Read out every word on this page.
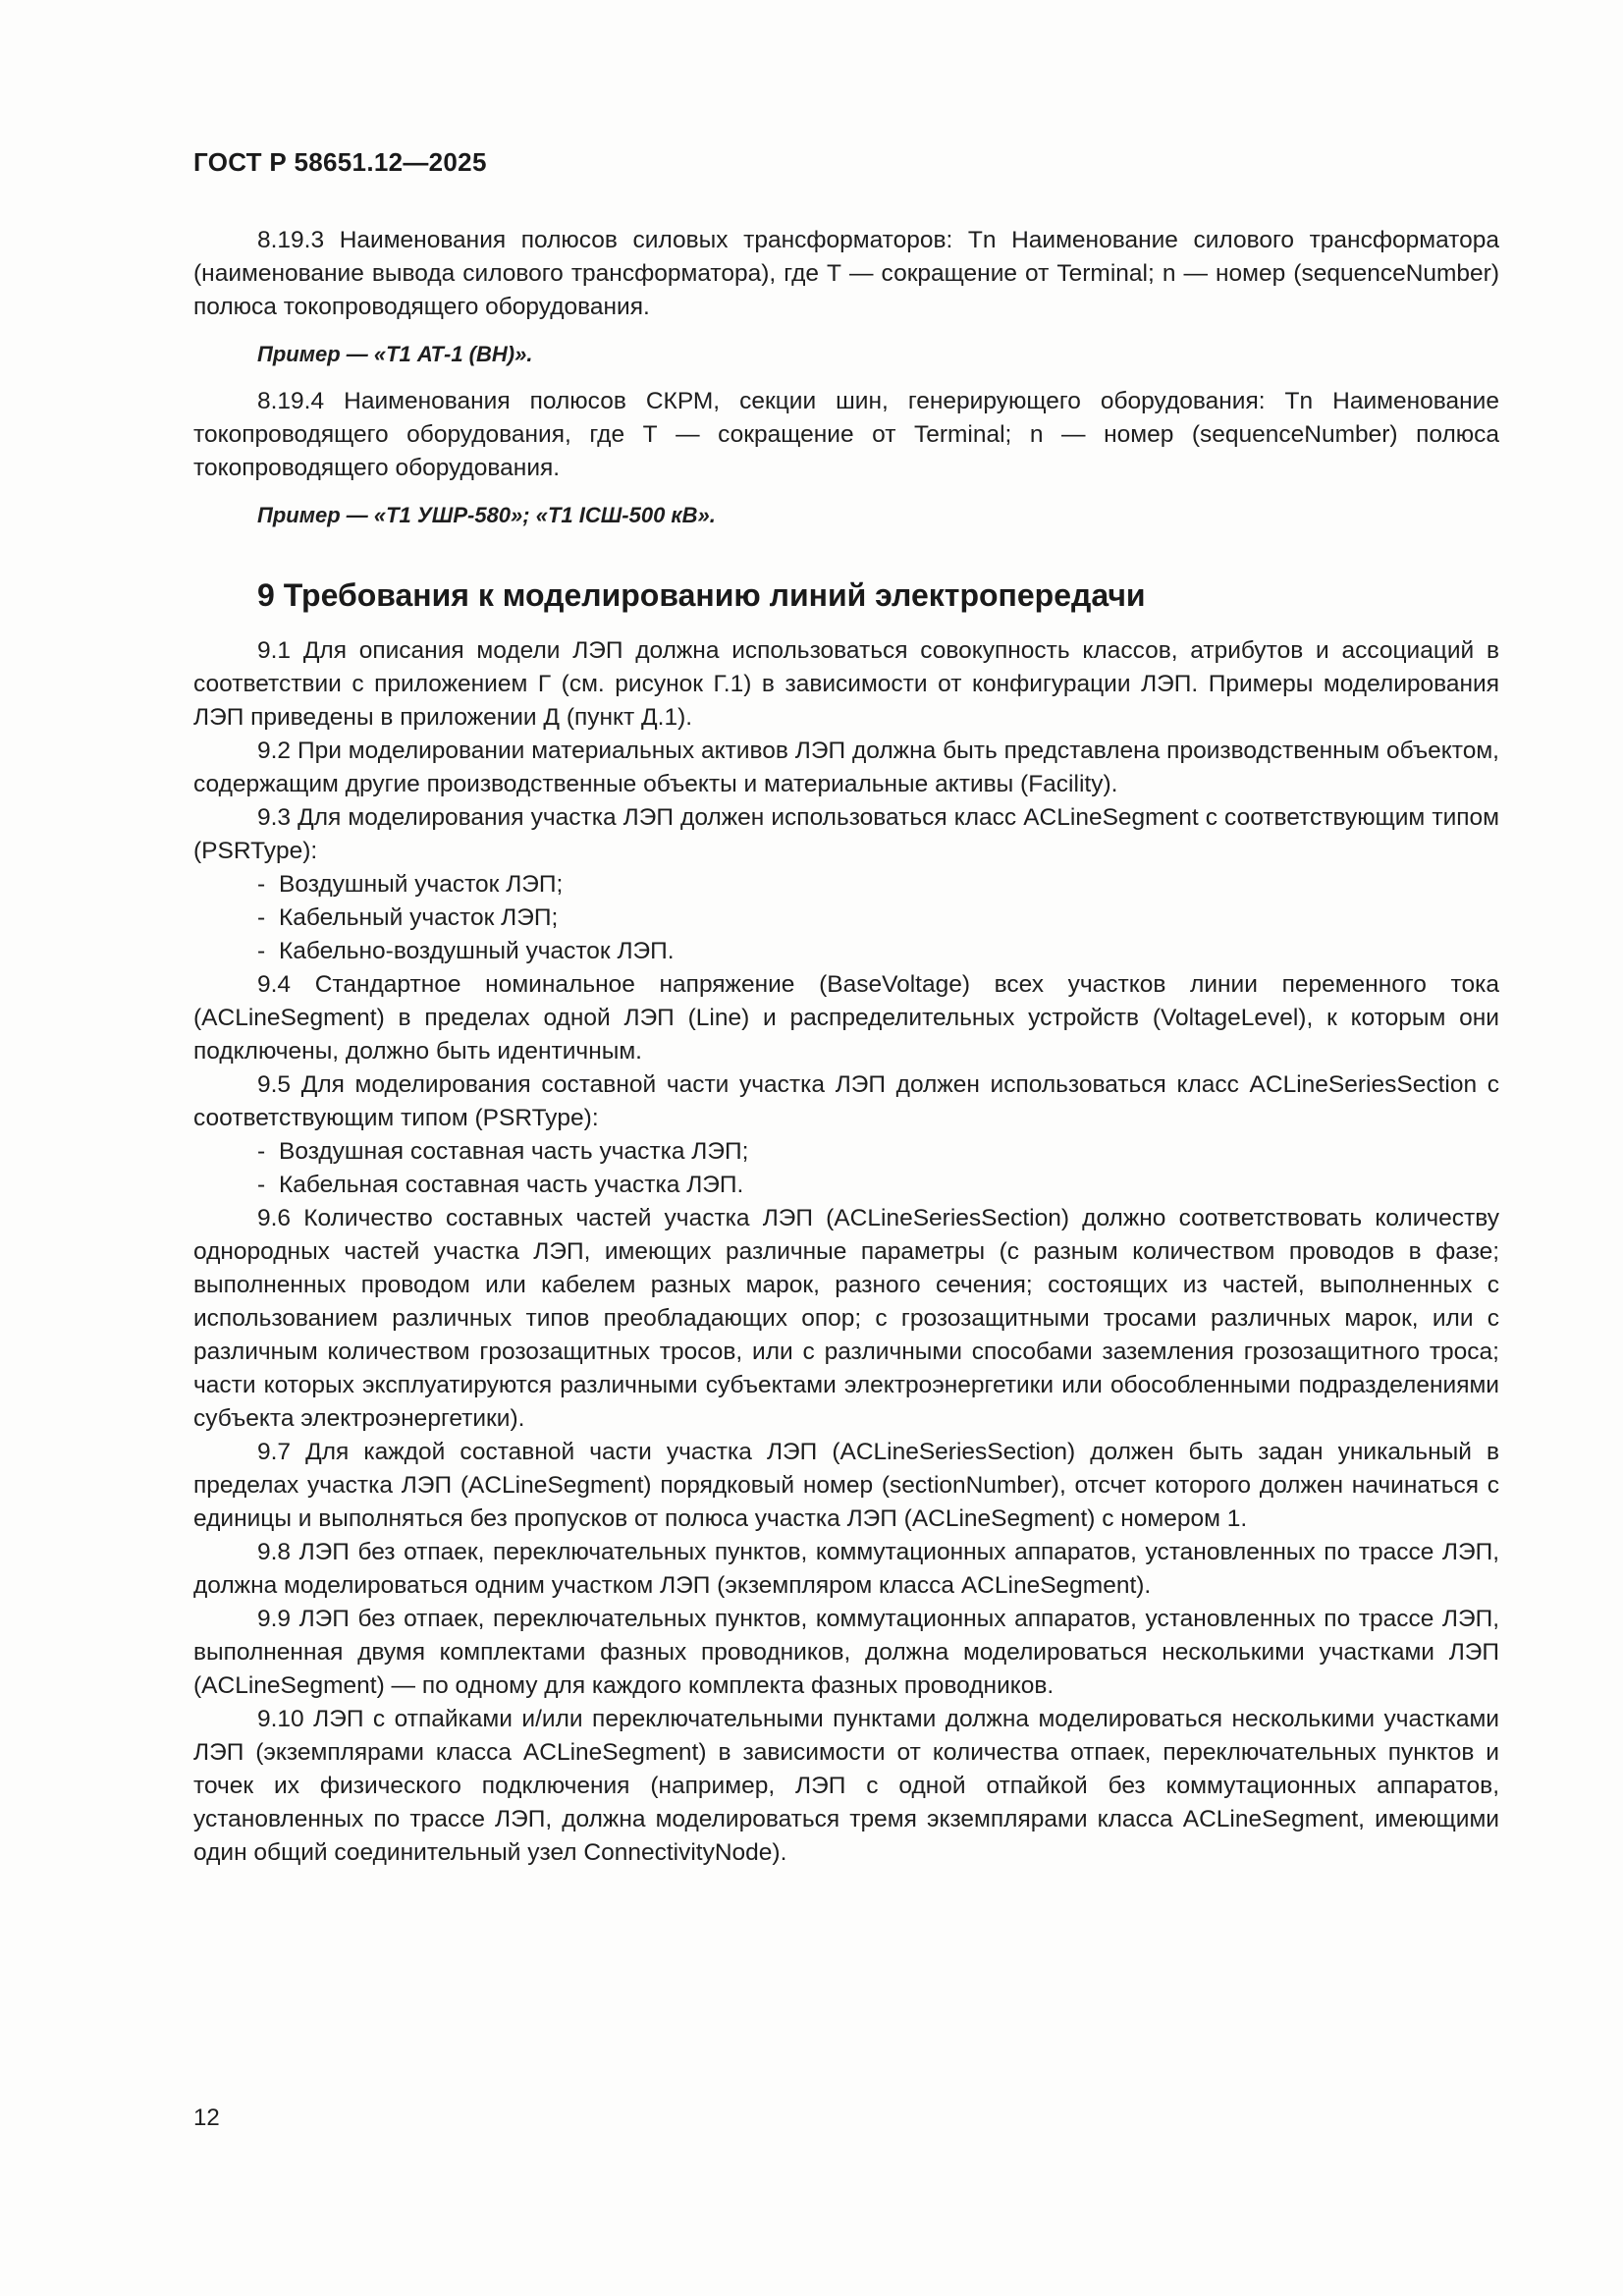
ГОСТ Р 58651.12—2025

8.19.3 Наименования полюсов силовых трансформаторов: Tn Наименование силового трансформатора (наименование вывода силового трансформатора), где Т — сокращение от Terminal; n — номер (sequenceNumber) полюса токопроводящего оборудования.

Пример — «Т1 АТ-1 (ВН)».

8.19.4 Наименования полюсов СКРМ, секции шин, генерирующего оборудования: Tn Наименование токопроводящего оборудования, где Т — сокращение от Terminal; n — номер (sequenceNumber) полюса токопроводящего оборудования.

Пример — «Т1 УШР-580»; «Т1 IСШ-500 кВ».

9 Требования к моделированию линий электропередачи

9.1 Для описания модели ЛЭП должна использоваться совокупность классов, атрибутов и ассоциаций в соответствии с приложением Г (см. рисунок Г.1) в зависимости от конфигурации ЛЭП. Примеры моделирования ЛЭП приведены в приложении Д (пункт Д.1).

9.2 При моделировании материальных активов ЛЭП должна быть представлена производственным объектом, содержащим другие производственные объекты и материальные активы (Facility).

9.3 Для моделирования участка ЛЭП должен использоваться класс ACLineSegment с соответствующим типом (PSRType):

- Воздушный участок ЛЭП;
- Кабельный участок ЛЭП;
- Кабельно-воздушный участок ЛЭП.

9.4 Стандартное номинальное напряжение (BaseVoltage) всех участков линии переменного тока (ACLineSegment) в пределах одной ЛЭП (Line) и распределительных устройств (VoltageLevel), к которым они подключены, должно быть идентичным.

9.5 Для моделирования составной части участка ЛЭП должен использоваться класс ACLineSeriesSection с соответствующим типом (PSRType):

- Воздушная составная часть участка ЛЭП;
- Кабельная составная часть участка ЛЭП.

9.6 Количество составных частей участка ЛЭП (ACLineSeriesSection) должно соответствовать количеству однородных частей участка ЛЭП, имеющих различные параметры (с разным количеством проводов в фазе; выполненных проводом или кабелем разных марок, разного сечения; состоящих из частей, выполненных с использованием различных типов преобладающих опор; с грозозащитными тросами различных марок, или с различным количеством грозозащитных тросов, или с различными способами заземления грозозащитного троса; части которых эксплуатируются различными субъектами электроэнергетики или обособленными подразделениями субъекта электроэнергетики).

9.7 Для каждой составной части участка ЛЭП (ACLineSeriesSection) должен быть задан уникальный в пределах участка ЛЭП (ACLineSegment) порядковый номер (sectionNumber), отсчет которого должен начинаться с единицы и выполняться без пропусков от полюса участка ЛЭП (ACLineSegment) с номером 1.

9.8 ЛЭП без отпаек, переключательных пунктов, коммутационных аппаратов, установленных по трассе ЛЭП, должна моделироваться одним участком ЛЭП (экземпляром класса ACLineSegment).

9.9 ЛЭП без отпаек, переключательных пунктов, коммутационных аппаратов, установленных по трассе ЛЭП, выполненная двумя комплектами фазных проводников, должна моделироваться несколькими участками ЛЭП (ACLineSegment) — по одному для каждого комплекта фазных проводников.

9.10 ЛЭП с отпайками и/или переключательными пунктами должна моделироваться несколькими участками ЛЭП (экземплярами класса ACLineSegment) в зависимости от количества отпаек, переключательных пунктов и точек их физического подключения (например, ЛЭП с одной отпайкой без коммутационных аппаратов, установленных по трассе ЛЭП, должна моделироваться тремя экземплярами класса ACLineSegment, имеющими один общий соединительный узел ConnectivityNode).

12
